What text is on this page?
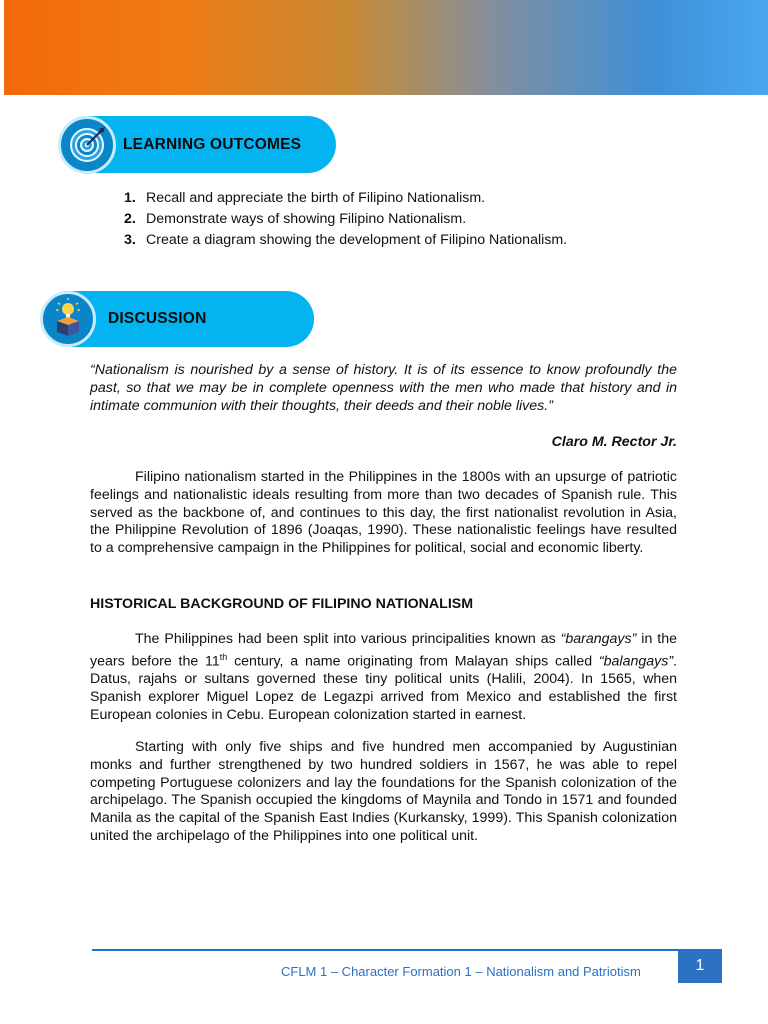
LEARNING OUTCOMES
1. Recall and appreciate the birth of Filipino Nationalism.
2. Demonstrate ways of showing Filipino Nationalism.
3. Create a diagram showing the development of Filipino Nationalism.
DISCUSSION

“Nationalism is nourished by a sense of history. It is of its essence to know profoundly the past, so that we may be in complete openness with the men who made that history and in intimate communion with their thoughts, their deeds and their noble lives.”

Claro M. Rector Jr.

Filipino nationalism started in the Philippines in the 1800s with an upsurge of patriotic feelings and nationalistic ideals resulting from more than two decades of Spanish rule. This served as the backbone of, and continues to this day, the first nationalist revolution in Asia, the Philippine Revolution of 1896 (Joaqas, 1990). These nationalistic feelings have resulted to a comprehensive campaign in the Philippines for political, social and economic liberty.

HISTORICAL BACKGROUND OF FILIPINO NATIONALISM

The Philippines had been split into various principalities known as “barangays” in the years before the 11th century, a name originating from Malayan ships called “balangays”. Datus, rajahs or sultans governed these tiny political units (Halili, 2004). In 1565, when Spanish explorer Miguel Lopez de Legazpi arrived from Mexico and established the first European colonies in Cebu. European colonization started in earnest.

Starting with only five ships and five hundred men accompanied by Augustinian monks and further strengthened by two hundred soldiers in 1567, he was able to repel competing Portuguese colonizers and lay the foundations for the Spanish colonization of the archipelago. The Spanish occupied the kingdoms of Maynila and Tondo in 1571 and founded Manila as the capital of the Spanish East Indies (Kurkansky, 1999). This Spanish colonization united the archipelago of the Philippines into one political unit.

CFLM 1 – Character Formation 1 – Nationalism and Patriotism	1
